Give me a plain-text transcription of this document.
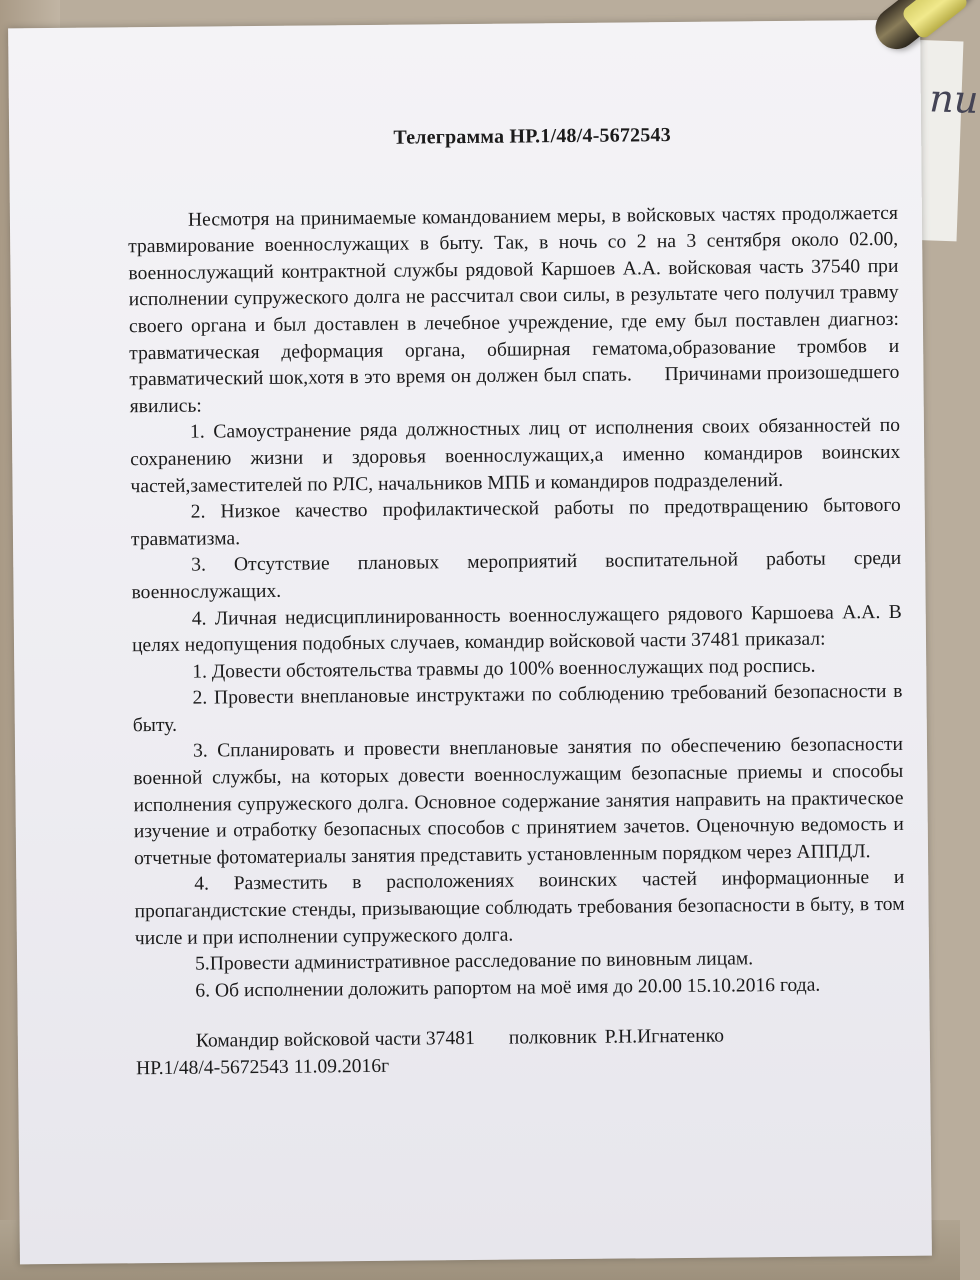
пи
Телеграмма НР.1/48/4-5672543

Несмотря на принимаемые командованием меры, в войсковых частях продолжается травмирование военнослужащих в быту. Так, в ночь со 2 на 3 сентября около 02.00, военнослужащий контрактной службы рядовой Каршоев А.А. войсковая часть 37540 при исполнении супружеского долга не рассчитал свои силы, в результате чего получил травму своего органа и был доставлен в лечебное учреждение, где ему был поставлен диагноз: травматическая деформация органа, обширная гематома,образование тромбов и травматический шок,хотя в это время он должен был спать. Причинами произошедшего явились:

1. Самоустранение ряда должностных лиц от исполнения своих обязанностей по сохранению жизни и здоровья военнослужащих,а именно командиров воинских частей,заместителей по РЛС, начальников МПБ и командиров подразделений.

2. Низкое качество профилактической работы по предотвращению бытового травматизма.

3. Отсутствие плановых мероприятий воспитательной работы среди военнослужащих.

4. Личная недисциплинированность военнослужащего рядового Каршоева А.А. В целях недопущения подобных случаев, командир войсковой части 37481 приказал:

1. Довести обстоятельства травмы до 100% военнослужащих под роспись.

2. Провести внеплановые инструктажи по соблюдению требований безопасности в быту.

3. Спланировать и провести внеплановые занятия по обеспечению безопасности военной службы, на которых довести военнослужащим безопасные приемы и способы исполнения супружеского долга. Основное содержание занятия направить на практическое изучение и отработку безопасных способов с принятием зачетов. Оценочную ведомость и отчетные фотоматериалы занятия представить установленным порядком через АППДЛ.

4. Разместить в расположениях воинских частей информационные и пропагандистские стенды, призывающие соблюдать требования безопасности в быту, в том числе и при исполнении супружеского долга.

5.Провести административное расследование по виновным лицам.

6. Об исполнении доложить рапортом на моё имя до 20.00 15.10.2016 года.

Командир войсковой части 37481 полковник Р.Н.Игнатенко
НР.1/48/4-5672543 11.09.2016г
